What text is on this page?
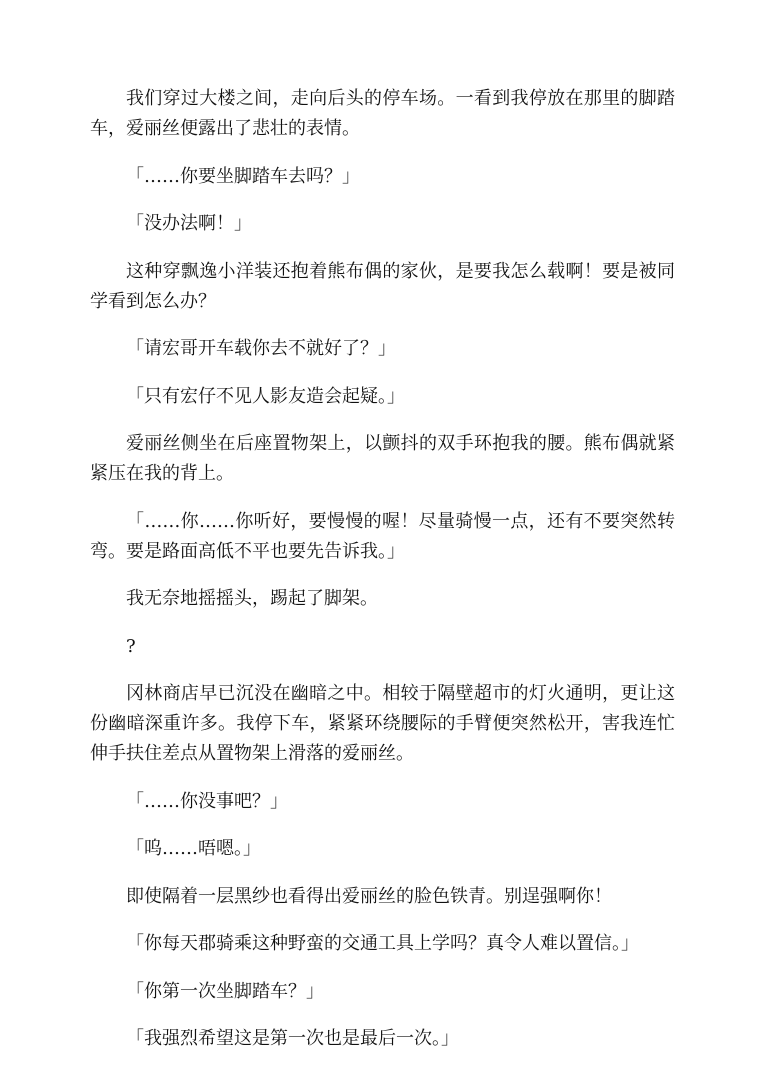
我们穿过大楼之间，走向后头的停车场。一看到我停放在那里的脚踏车，爱丽丝便露出了悲壮的表情。

「……你要坐脚踏车去吗？」

「没办法啊！」

这种穿飘逸小洋装还抱着熊布偶的家伙，是要我怎么载啊！要是被同学看到怎么办？

「请宏哥开车载你去不就好了？」

「只有宏仔不见人影友造会起疑。」

爱丽丝侧坐在后座置物架上，以颤抖的双手环抱我的腰。熊布偶就紧紧压在我的背上。

「……你……你听好，要慢慢的喔！尽量骑慢一点，还有不要突然转弯。要是路面高低不平也要先告诉我。」

我无奈地摇摇头，踢起了脚架。

?

冈林商店早已沉没在幽暗之中。相较于隔壁超市的灯火通明，更让这份幽暗深重许多。我停下车，紧紧环绕腰际的手臂便突然松开，害我连忙伸手扶住差点从置物架上滑落的爱丽丝。

「……你没事吧？」

「呜……唔嗯。」

即使隔着一层黑纱也看得出爱丽丝的脸色铁青。别逞强啊你！

「你每天郡骑乘这种野蛮的交通工具上学吗？真令人难以置信。」

「你第一次坐脚踏车？」

「我强烈希望这是第一次也是最后一次。」
